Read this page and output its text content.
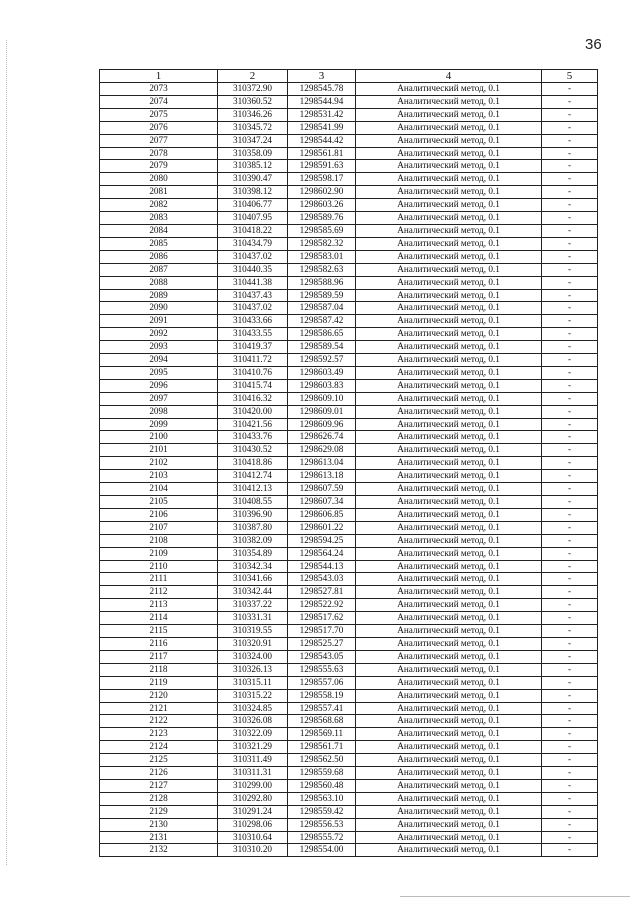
36
1	2	3	4	5
2073	310372.90	1298545.78	Аналитический метод, 0.1	-
2074	310360.52	1298544.94	Аналитический метод, 0.1	-
2075	310346.26	1298531.42	Аналитический метод, 0.1	-
2076	310345.72	1298541.99	Аналитический метод, 0.1	-
2077	310347.24	1298544.42	Аналитический метод, 0.1	-
2078	310358.09	1298561.81	Аналитический метод, 0.1	-
2079	310385.12	1298591.63	Аналитический метод, 0.1	-
2080	310390.47	1298598.17	Аналитический метод, 0.1	-
2081	310398.12	1298602.90	Аналитический метод, 0.1	-
2082	310406.77	1298603.26	Аналитический метод, 0.1	-
2083	310407.95	1298589.76	Аналитический метод, 0.1	-
2084	310418.22	1298585.69	Аналитический метод, 0.1	-
2085	310434.79	1298582.32	Аналитический метод, 0.1	-
2086	310437.02	1298583.01	Аналитический метод, 0.1	-
2087	310440.35	1298582.63	Аналитический метод, 0.1	-
2088	310441.38	1298588.96	Аналитический метод, 0.1	-
2089	310437.43	1298589.59	Аналитический метод, 0.1	-
2090	310437.02	1298587.04	Аналитический метод, 0.1	-
2091	310433.66	1298587.42	Аналитический метод, 0.1	-
2092	310433.55	1298586.65	Аналитический метод, 0.1	-
2093	310419.37	1298589.54	Аналитический метод, 0.1	-
2094	310411.72	1298592.57	Аналитический метод, 0.1	-
2095	310410.76	1298603.49	Аналитический метод, 0.1	-
2096	310415.74	1298603.83	Аналитический метод, 0.1	-
2097	310416.32	1298609.10	Аналитический метод, 0.1	-
2098	310420.00	1298609.01	Аналитический метод, 0.1	-
2099	310421.56	1298609.96	Аналитический метод, 0.1	-
2100	310433.76	1298626.74	Аналитический метод, 0.1	-
2101	310430.52	1298629.08	Аналитический метод, 0.1	-
2102	310418.86	1298613.04	Аналитический метод, 0.1	-
2103	310412.74	1298613.18	Аналитический метод, 0.1	-
2104	310412.13	1298607.59	Аналитический метод, 0.1	-
2105	310408.55	1298607.34	Аналитический метод, 0.1	-
2106	310396.90	1298606.85	Аналитический метод, 0.1	-
2107	310387.80	1298601.22	Аналитический метод, 0.1	-
2108	310382.09	1298594.25	Аналитический метод, 0.1	-
2109	310354.89	1298564.24	Аналитический метод, 0.1	-
2110	310342.34	1298544.13	Аналитический метод, 0.1	-
2111	310341.66	1298543.03	Аналитический метод, 0.1	-
2112	310342.44	1298527.81	Аналитический метод, 0.1	-
2113	310337.22	1298522.92	Аналитический метод, 0.1	-
2114	310331.31	1298517.62	Аналитический метод, 0.1	-
2115	310319.55	1298517.70	Аналитический метод, 0.1	-
2116	310320.91	1298525.27	Аналитический метод, 0.1	-
2117	310324.00	1298543.05	Аналитический метод, 0.1	-
2118	310326.13	1298555.63	Аналитический метод, 0.1	-
2119	310315.11	1298557.06	Аналитический метод, 0.1	-
2120	310315.22	1298558.19	Аналитический метод, 0.1	-
2121	310324.85	1298557.41	Аналитический метод, 0.1	-
2122	310326.08	1298568.68	Аналитический метод, 0.1	-
2123	310322.09	1298569.11	Аналитический метод, 0.1	-
2124	310321.29	1298561.71	Аналитический метод, 0.1	-
2125	310311.49	1298562.50	Аналитический метод, 0.1	-
2126	310311.31	1298559.68	Аналитический метод, 0.1	-
2127	310299.00	1298560.48	Аналитический метод, 0.1	-
2128	310292.80	1298563.10	Аналитический метод, 0.1	-
2129	310291.24	1298559.42	Аналитический метод, 0.1	-
2130	310298.06	1298556.53	Аналитический метод, 0.1	-
2131	310310.64	1298555.72	Аналитический метод, 0.1	-
2132	310310.20	1298554.00	Аналитический метод, 0.1	-
